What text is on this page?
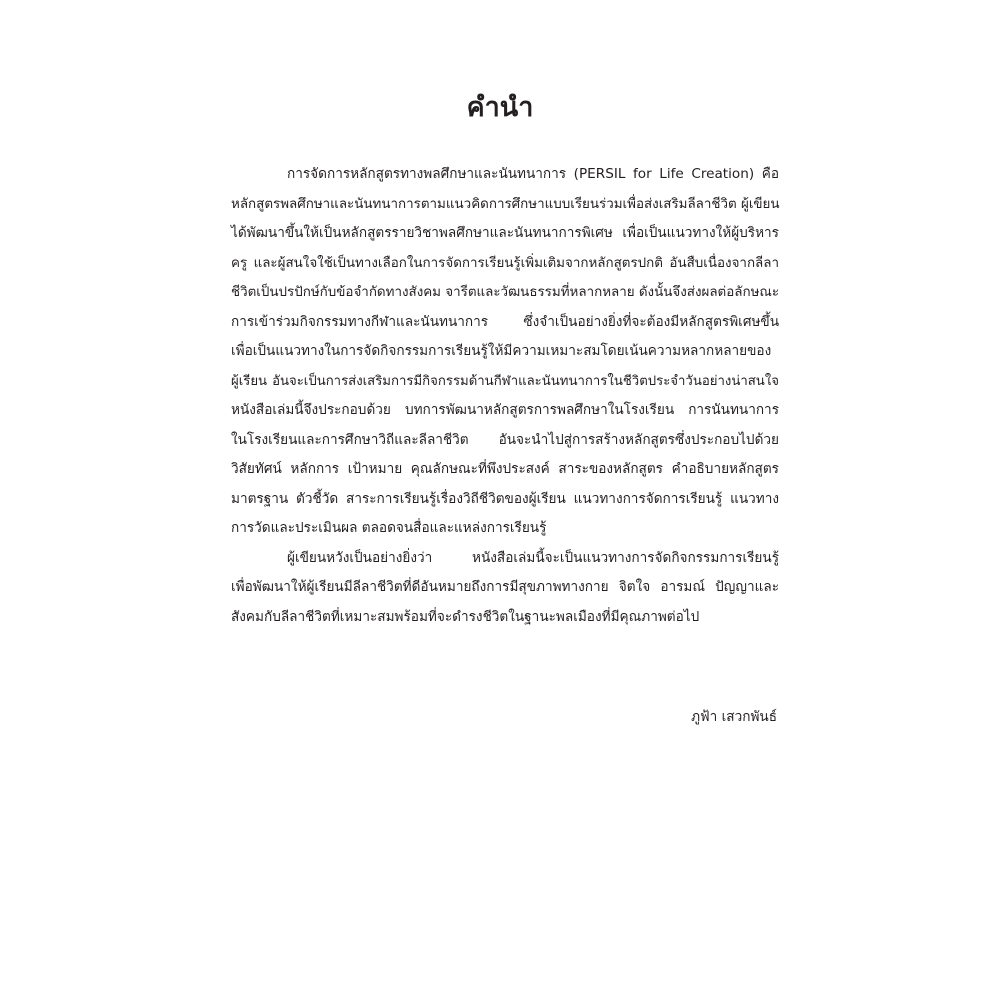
คำนำ
การจัดการหลักสูตรทางพลศึกษาและนันทนาการ (PERSIL for Life Creation) คือ
หลักสูตรพลศึกษาและนันทนาการตามแนวคิดการศึกษาแบบเรียนร่วมเพื่อส่งเสริมลีลาชีวิต ผู้เขียน
ได้พัฒนาขึ้นให้เป็นหลักสูตรรายวิชาพลศึกษาและนันทนาการพิเศษ เพื่อเป็นแนวทางให้ผู้บริหาร
ครู และผู้สนใจใช้เป็นทางเลือกในการจัดการเรียนรู้เพิ่มเติมจากหลักสูตรปกติ อันสืบเนื่องจากลีลา
ชีวิตเป็นปรปักษ์กับข้อจำกัดทางสังคม จารีตและวัฒนธรรมที่หลากหลาย ดังนั้นจึงส่งผลต่อลักษณะ
การเข้าร่วมกิจกรรมทางกีฬาและนันทนาการ ซึ่งจำเป็นอย่างยิ่งที่จะต้องมีหลักสูตรพิเศษขึ้น
เพื่อเป็นแนวทางในการจัดกิจกรรมการเรียนรู้ให้มีความเหมาะสมโดยเน้นความหลากหลายของ
ผู้เรียน อันจะเป็นการส่งเสริมการมีกิจกรรมด้านกีฬาและนันทนาการในชีวิตประจำวันอย่างน่าสนใจ
หนังสือเล่มนี้จึงประกอบด้วย บทการพัฒนาหลักสูตรการพลศึกษาในโรงเรียน การนันทนาการ
ในโรงเรียนและการศึกษาวิถีและลีลาชีวิต อันจะนำไปสู่การสร้างหลักสูตรซึ่งประกอบไปด้วย
วิสัยทัศน์ หลักการ เป้าหมาย คุณลักษณะที่พึงประสงค์ สาระของหลักสูตร คำอธิบายหลักสูตร
มาตรฐาน ตัวชี้วัด สาระการเรียนรู้เรื่องวิถีชีวิตของผู้เรียน แนวทางการจัดการเรียนรู้ แนวทาง
การวัดและประเมินผล ตลอดจนสื่อและแหล่งการเรียนรู้
ผู้เขียนหวังเป็นอย่างยิ่งว่า หนังสือเล่มนี้จะเป็นแนวทางการจัดกิจกรรมการเรียนรู้
เพื่อพัฒนาให้ผู้เรียนมีลีลาชีวิตที่ดีอันหมายถึงการมีสุขภาพทางกาย จิตใจ อารมณ์ ปัญญาและ
สังคมกับลีลาชีวิตที่เหมาะสมพร้อมที่จะดำรงชีวิตในฐานะพลเมืองที่มีคุณภาพต่อไป
ภูฟ้า เสวกพันธ์
